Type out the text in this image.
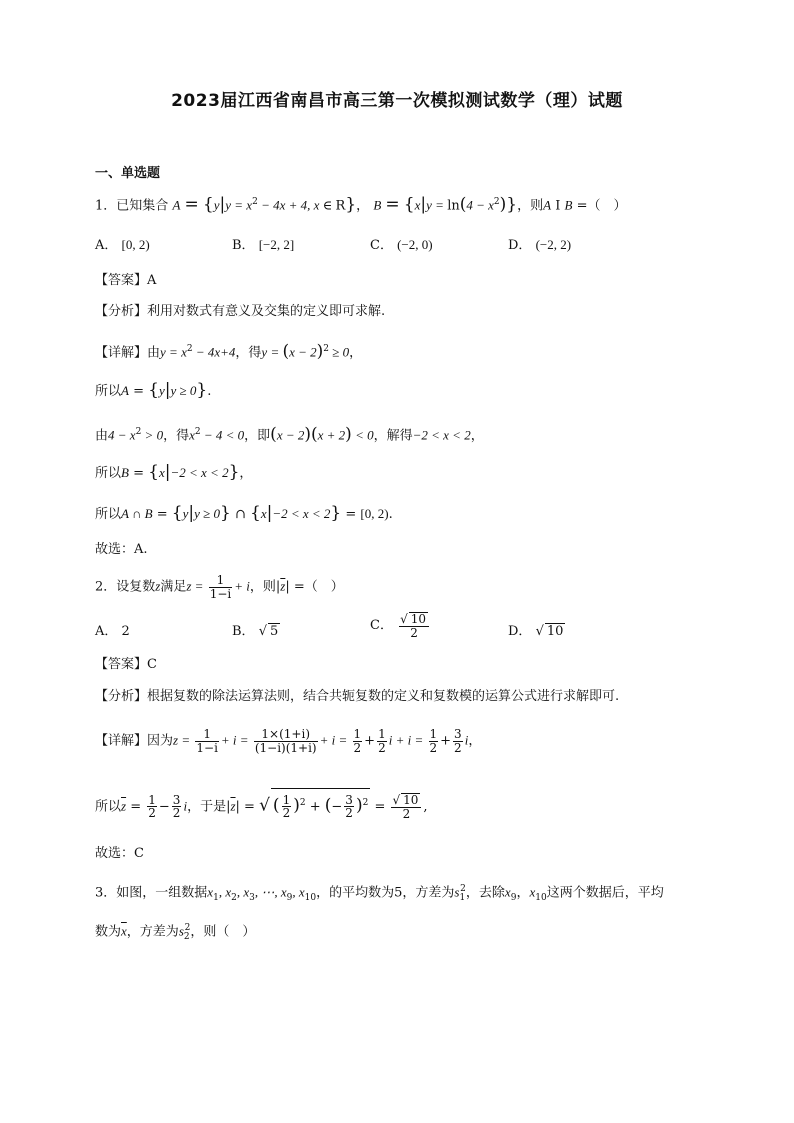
2023届江西省南昌市高三第一次模拟测试数学（理）试题
一、单选题
1．已知集合 $A = \{y|y = x^2 - 4x + 4$, x ∈ R}， $B = \{x|y = \ln(4 - x^2)\}$，则A I B =（　）
A． [0, 2)	B． [−2, 2]	C． (−2, 0)	D． (−2, 2)
【答案】A
【分析】利用对数式有意义及交集的定义即可求解.
【详解】由$y = x^2 - 4x+4$，得$y = (x - 2)^2 \ge 0$，
所以A = {y|y ≥ 0}.
由$4 - x^2 > 0$，得$x^2 - 4 < 0$，即(x − 2)(x + 2) < 0，解得−2 < x < 2，
所以B = {x|−2 < x < 2}，
所以A ∩ B = {y|y ≥ 0} ∩ {x|−2 < x < 2} = [0, 2).
故选：A.
2．设复数z满足$z = \frac{1}{1-i} + i$，则$|\overline{z}|$ =（　）
A． 2	B． √ 5	C． $\frac{√ 10}{2}$	D． √ 10
【答案】C
【分析】根据复数的除法运算法则，结合共轭复数的定义和复数模的运算公式进行求解即可.
【详解】因为$z = \frac{1}{1-i} + i = \frac{1\times(1+i)}{(1-i)(1+i)} + i = \frac{1}{2} + \frac{1}{2}$ $i + i = \frac{1}{2} + \frac{3}{2}$ i，
所以$\overline{z} = \frac{1}{2} - \frac{3}{2}$ i，于是$|\overline{z}|$ = √ ( $\frac{1}{2} )^2$ + (− $\frac{3}{2} )^2 = \frac{√ 10}{2}$ ,
故选：C
3．如图，一组数据$x_1$, $x_2$, $x_3$, ⋯, $x_9$, $x_{10}$，的平均数为5，方差为$s_1^2$，去除$x_9$，$x_{10}$这两个数据后，平均
数为$\overline{x}$，方差为$s_2^2$，则（　）
